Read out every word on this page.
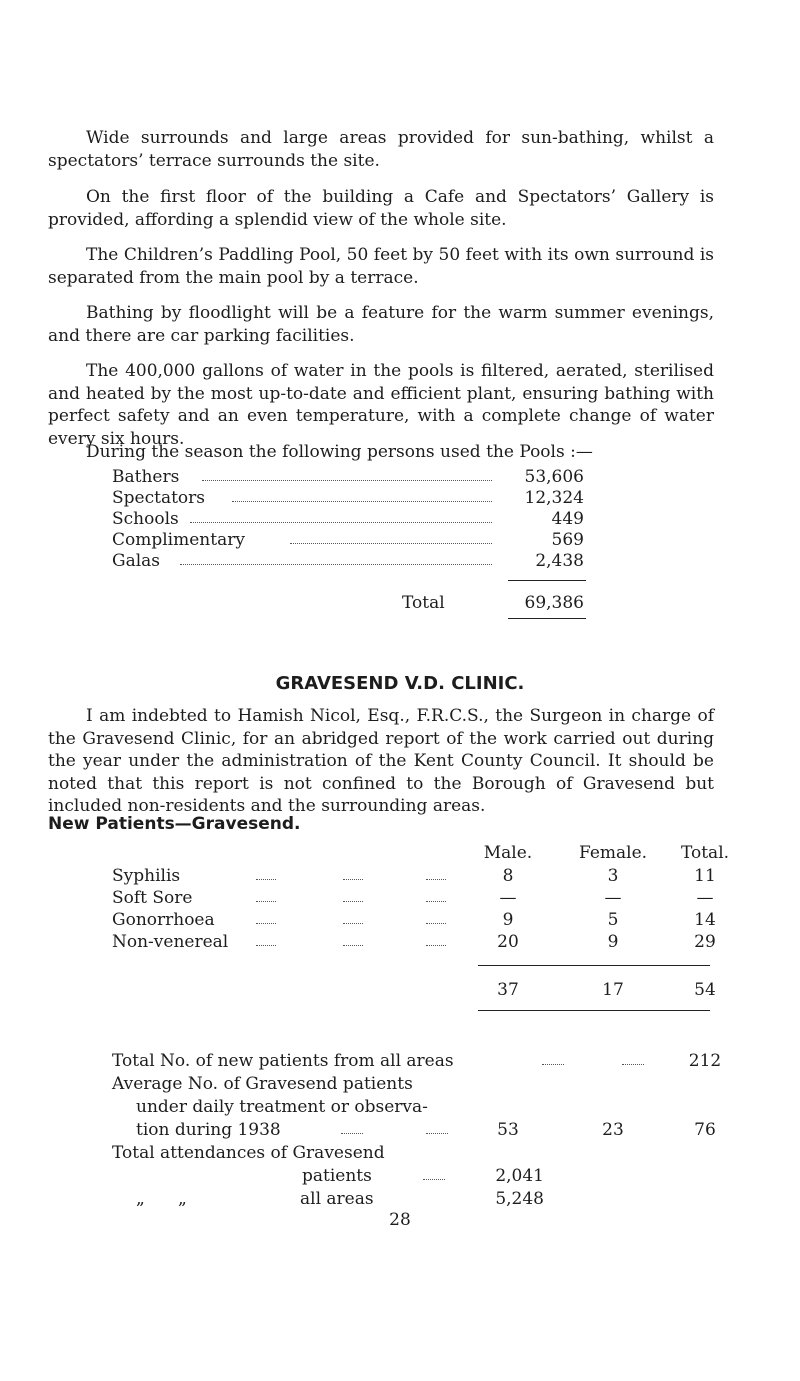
Wide surrounds and large areas provided for sun-bathing, whilst a spectators’ terrace surrounds the site.

On the first floor of the building a Cafe and Spectators’ Gallery is provided, affording a splendid view of the whole site.

The Children’s Paddling Pool, 50 feet by 50 feet with its own surround is separated from the main pool by a terrace.

Bathing by floodlight will be a feature for the warm summer evenings, and there are car parking facilities.

The 400,000 gallons of water in the pools is filtered, aerated, sterilised and heated by the most up-to-date and efficient plant, ensuring bathing with perfect safety and an even temperature, with a complete change of water every six hours.

During the season the following persons used the Pools :—

Bathers	53,606
Spectators	12,324
Schools	449
Complimentary	569
Galas	2,438
Total	69,386
GRAVESEND V.D. CLINIC.

I am indebted to Hamish Nicol, Esq., F.R.C.S., the Surgeon in charge of the Gravesend Clinic, for an abridged report of the work carried out during the year under the administration of the Kent County Council. It should be noted that this report is not confined to the Borough of Gravesend but included non-residents and the surrounding areas.

New Patients—Gravesend.
Male.	Female.	Total.
Syphilis	8	3	11
Soft Sore	—	—	—
Gonorrhoea	9	5	14
Non-venereal	20	9	29
37	17	54
Total No. of new patients from all areas	212
Average No. of Gravesend patients
under daily treatment or observa-
tion during 1938	53	23	76
Total attendances of Gravesend
patients	2,041
„ „	all areas	5,248
28
